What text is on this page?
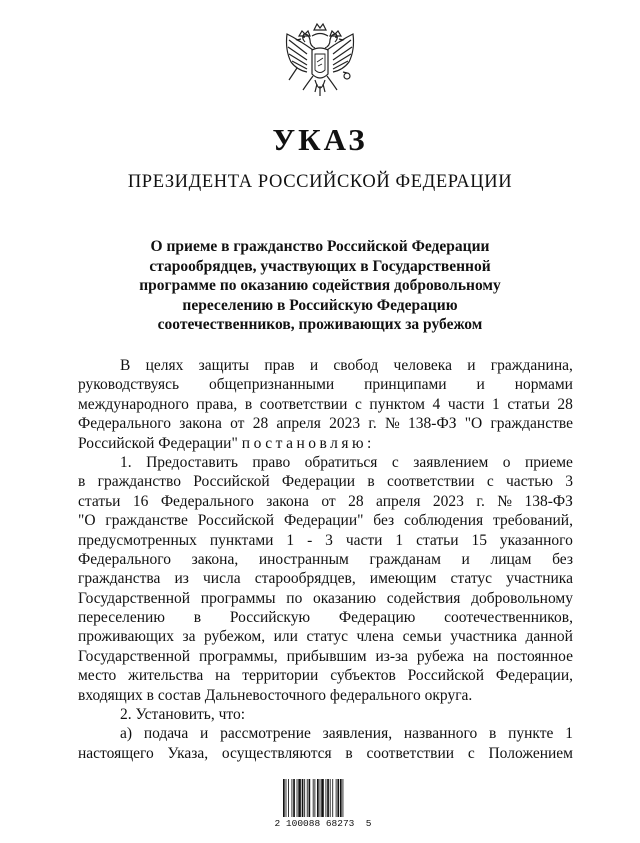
УКАЗ
ПРЕЗИДЕНТА РОССИЙСКОЙ ФЕДЕРАЦИИ
О приеме в гражданство Российской Федерации
старообрядцев, участвующих в Государственной
программе по оказанию содействия добровольному
переселению в Российскую Федерацию
соотечественников, проживающих за рубежом
В целях защиты прав и свобод человека и гражданина,
руководствуясь общепризнанными принципами и нормами
международного права, в соответствии с пунктом 4 части 1 статьи 28
Федерального закона от 28 апреля 2023 г. № 138-ФЗ "О гражданстве
Российской Федерации" постановляю:
1. Предоставить право обратиться с заявлением о приеме
в гражданство Российской Федерации в соответствии с частью 3
статьи 16 Федерального закона от 28 апреля 2023 г. № 138-ФЗ
"О гражданстве Российской Федерации" без соблюдения требований,
предусмотренных пунктами 1 - 3 части 1 статьи 15 указанного
Федерального закона, иностранным гражданам и лицам без
гражданства из числа старообрядцев, имеющим статус участника
Государственной программы по оказанию содействия добровольному
переселению в Российскую Федерацию соотечественников,
проживающих за рубежом, или статус члена семьи участника данной
Государственной программы, прибывшим из-за рубежа на постоянное
место жительства на территории субъектов Российской Федерации,
входящих в состав Дальневосточного федерального округа.
2. Установить, что:
а) подача и рассмотрение заявления, названного в пункте 1
настоящего Указа, осуществляются в соответствии с Положением
2 100088 68273  5
